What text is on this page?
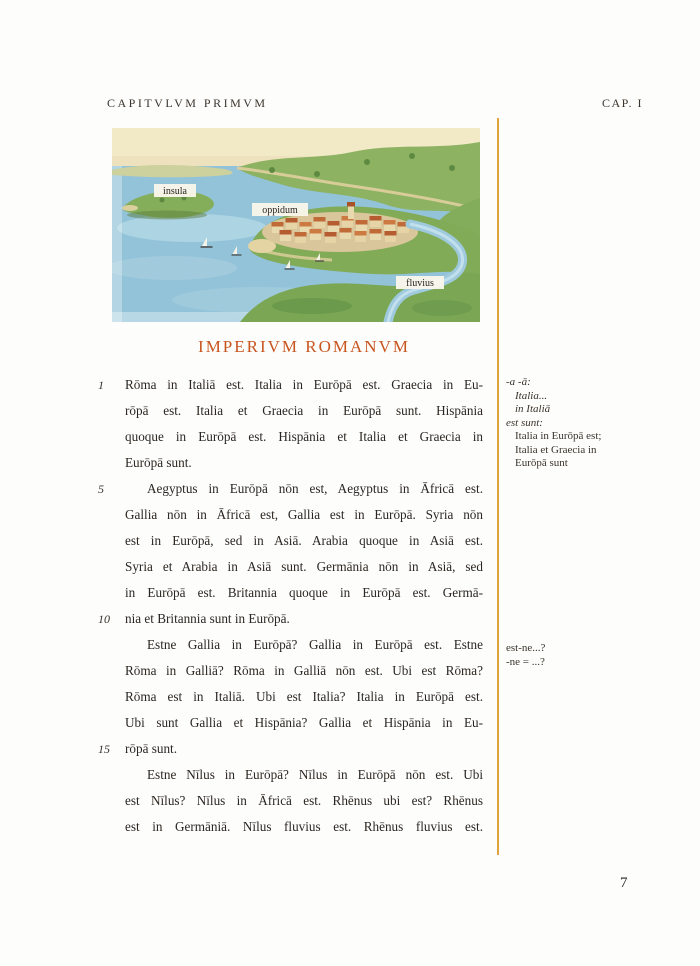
CAPITVLVM PRIMVM	CAP. I
insula
oppidum
fluvius
IMPERIVM ROMANVM
1	Rōma in Italiā est. Italia in Eurōpā est. Graecia in Eu-
rōpā est. Italia et Graecia in Eurōpā sunt. Hispānia
quoque in Eurōpā est. Hispānia et Italia et Graecia in
Eurōpā sunt.
5	Aegyptus in Eurōpā nōn est, Aegyptus in Āfricā est.
Gallia nōn in Āfricā est, Gallia est in Eurōpā. Syria nōn
est in Eurōpā, sed in Asiā. Arabia quoque in Asiā est.
Syria et Arabia in Asiā sunt. Germānia nōn in Asiā, sed
in Eurōpā est. Britannia quoque in Eurōpā est. Germā-
10	nia et Britannia sunt in Eurōpā.
Estne Gallia in Eurōpā? Gallia in Eurōpā est. Estne
Rōma in Galliā? Rōma in Galliā nōn est. Ubi est Rōma?
Rōma est in Italiā. Ubi est Italia? Italia in Eurōpā est.
Ubi sunt Gallia et Hispānia? Gallia et Hispānia in Eu-
15	rōpā sunt.
Estne Nīlus in Eurōpā? Nīlus in Eurōpā nōn est. Ubi
est Nīlus? Nīlus in Āfricā est. Rhēnus ubi est? Rhēnus
est in Germāniā. Nīlus fluvius est. Rhēnus fluvius est.
-a -ā:
Italia...
in Italiā
est sunt:
Italia in Eurōpā est;
Italia et Graecia in
Eurōpā sunt
est-ne...?
-ne = ...?
7
